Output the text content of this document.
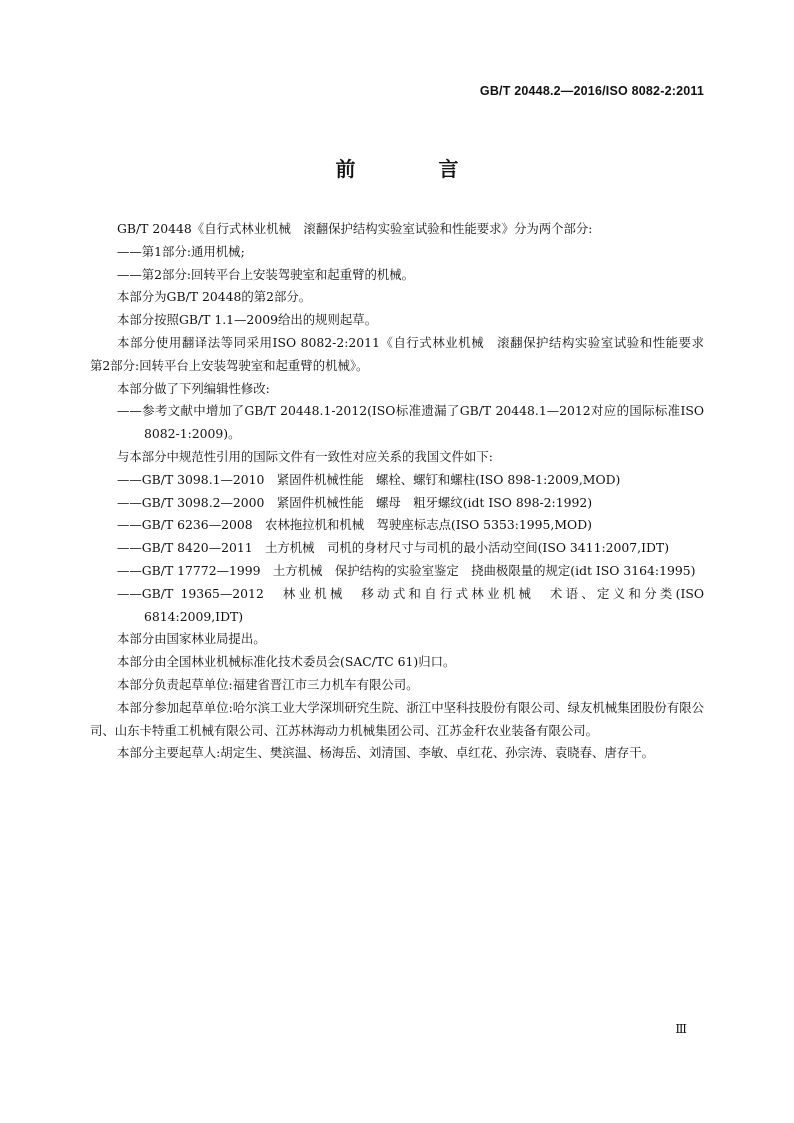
GB/T 20448.2—2016/ISO 8082-2:2011
前 言

GB/T 20448《自行式林业机械　滚翻保护结构实验室试验和性能要求》分为两个部分:

——第1部分:通用机械;

——第2部分:回转平台上安装驾驶室和起重臂的机械。

本部分为GB/T 20448的第2部分。

本部分按照GB/T 1.1—2009给出的规则起草。

本部分使用翻译法等同采用ISO 8082-2:2011《自行式林业机械　滚翻保护结构实验室试验和性能要求　第2部分:回转平台上安装驾驶室和起重臂的机械》。

本部分做了下列编辑性修改:

——参考文献中增加了GB/T 20448.1-2012(ISO标准遗漏了GB/T 20448.1—2012对应的国际标准ISO 8082-1:2009)。

与本部分中规范性引用的国际文件有一致性对应关系的我国文件如下:

——GB/T 3098.1—2010　紧固件机械性能　螺栓、螺钉和螺柱(ISO 898-1:2009,MOD)

——GB/T 3098.2—2000　紧固件机械性能　螺母　粗牙螺纹(idt ISO 898-2:1992)

——GB/T 6236—2008　农林拖拉机和机械　驾驶座标志点(ISO 5353:1995,MOD)

——GB/T 8420—2011　土方机械　司机的身材尺寸与司机的最小活动空间(ISO 3411:2007,IDT)

——GB/T 17772—1999　土方机械　保护结构的实验室鉴定　挠曲极限量的规定(idt ISO 3164:1995)

——GB/T 19365—2012　林业机械　移动式和自行式林业机械　术语、定义和分类(ISO 6814:2009,IDT)

本部分由国家林业局提出。

本部分由全国林业机械标准化技术委员会(SAC/TC 61)归口。

本部分负责起草单位:福建省晋江市三力机车有限公司。

本部分参加起草单位:哈尔滨工业大学深圳研究生院、浙江中坚科技股份有限公司、绿友机械集团股份有限公司、山东卡特重工机械有限公司、江苏林海动力机械集团公司、江苏金秆农业装备有限公司。

本部分主要起草人:胡定生、樊滨温、杨海岳、刘清国、李敏、卓红花、孙宗涛、袁晓春、唐存干。

Ⅲ
